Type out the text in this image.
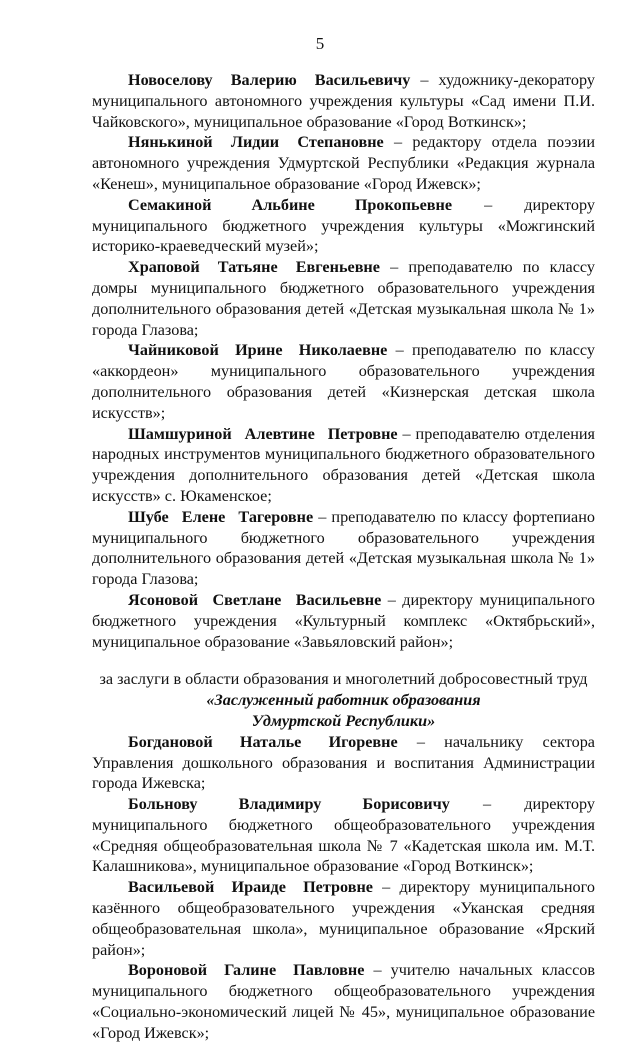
5

Новоселову Валерию Васильевичу – художнику-декоратору муниципального автономного учреждения культуры «Сад имени П.И. Чайковского», муниципальное образование «Город Воткинск»;

Нянькиной Лидии Степановне – редактору отдела поэзии автономного учреждения Удмуртской Республики «Редакция журнала «Кенеш», муниципальное образование «Город Ижевск»;

Семакиной Альбине Прокопьевне – директору муниципального бюджетного учреждения культуры «Можгинский историко-краеведческий музей»;

Храповой Татьяне Евгеньевне – преподавателю по классу домры муниципального бюджетного образовательного учреждения дополнительного образования детей «Детская музыкальная школа № 1» города Глазова;

Чайниковой Ирине Николаевне – преподавателю по классу «аккордеон» муниципального образовательного учреждения дополнительного образования детей «Кизнерская детская школа искусств»;

Шамшуриной Алевтине Петровне – преподавателю отделения народных инструментов муниципального бюджетного образовательного учреждения дополнительного образования детей «Детская школа искусств» с. Юкаменское;

Шубе Елене Тагеровне – преподавателю по классу фортепиано муниципального бюджетного образовательного учреждения дополнительного образования детей «Детская музыкальная школа № 1» города Глазова;

Ясоновой Светлане Васильевне – директору муниципального бюджетного учреждения «Культурный комплекс «Октябрьский», муниципальное образование «Завьяловский район»;

за заслуги в области образования и многолетний добросовестный труд

«Заслуженный работник образования

Удмуртской Республики»

Богдановой Наталье Игоревне – начальнику сектора Управления дошкольного образования и воспитания Администрации города Ижевска;

Больнову Владимиру Борисовичу – директору муниципального бюджетного общеобразовательного учреждения «Средняя общеобразовательная школа № 7 «Кадетская школа им. М.Т. Калашникова», муниципальное образование «Город Воткинск»;

Васильевой Ираиде Петровне – директору муниципального казённого общеобразовательного учреждения «Уканская средняя общеобразовательная школа», муниципальное образование «Ярский район»;

Вороновой Галине Павловне – учителю начальных классов муниципального бюджетного общеобразовательного учреждения «Социально-экономический лицей № 45», муниципальное образование «Город Ижевск»;
